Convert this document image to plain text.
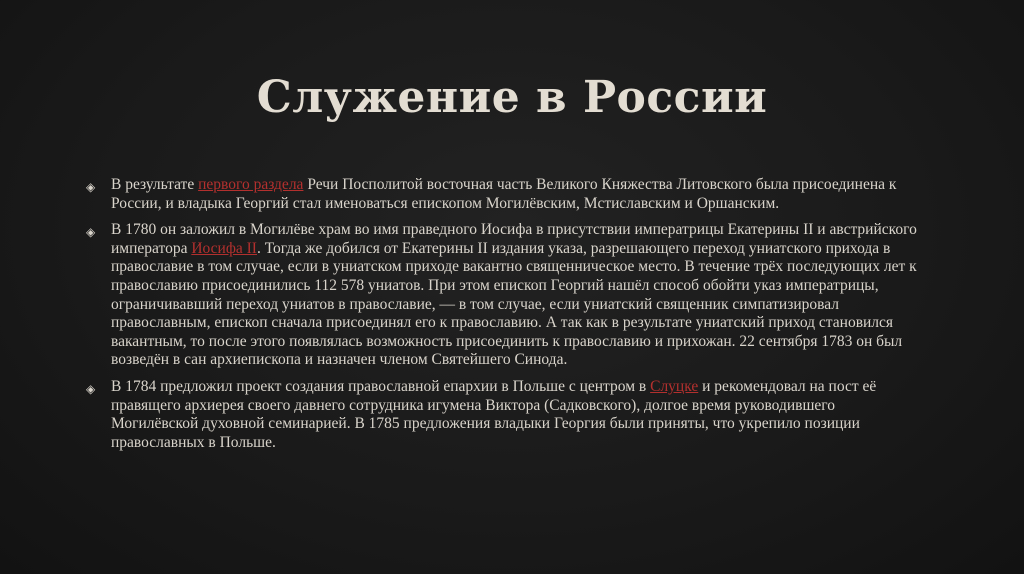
Служение в России
◈ В результате первого раздела Речи Посполитой восточная часть Великого Княжества Литовского была присоединена к России, и владыка Георгий стал именоваться епископом Могилёвским, Мстиславским и Оршанским.
◈ В 1780 он заложил в Могилёве храм во имя праведного Иосифа в присутствии императрицы Екатерины II и австрийского императора Иосифа II. Тогда же добился от Екатерины II издания указа, разрешающего переход униатского прихода в православие в том случае, если в униатском приходе вакантно священническое место. В течение трёх последующих лет к православию присоединились 112 578 униатов. При этом епископ Георгий нашёл способ обойти указ императрицы, ограничивавший переход униатов в православие, — в том случае, если униатский священник симпатизировал православным, епископ сначала присоединял его к православию. А так как в результате униатский приход становился вакантным, то после этого появлялась возможность присоединить к православию и прихожан. 22 сентября 1783 он был возведён в сан архиепископа и назначен членом Святейшего Синода.
◈ В 1784 предложил проект создания православной епархии в Польше с центром в Слуцке и рекомендовал на пост её правящего архиерея своего давнего сотрудника игумена Виктора (Садковского), долгое время руководившего Могилёвской духовной семинарией. В 1785 предложения владыки Георгия были приняты, что укрепило позиции православных в Польше.
